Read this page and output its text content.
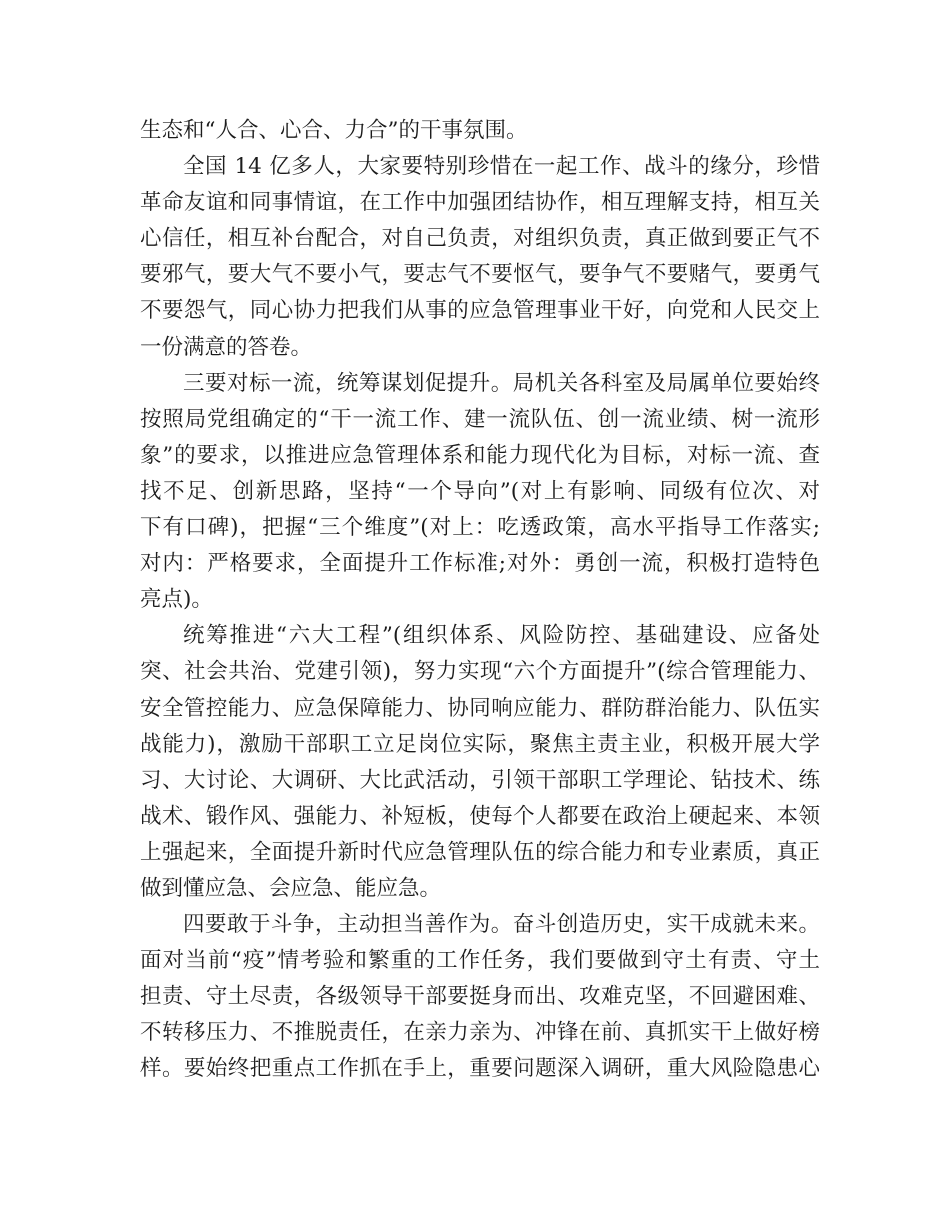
生态和“人合、心合、力合”的干事氛围。
全国 14 亿多人，大家要特别珍惜在一起工作、战斗的缘分，珍惜
革命友谊和同事情谊，在工作中加强团结协作，相互理解支持，相互关
心信任，相互补台配合，对自己负责，对组织负责，真正做到要正气不
要邪气，要大气不要小气，要志气不要怄气，要争气不要赌气，要勇气
不要怨气，同心协力把我们从事的应急管理事业干好，向党和人民交上
一份满意的答卷。
三要对标一流，统筹谋划促提升。局机关各科室及局属单位要始终
按照局党组确定的“干一流工作、建一流队伍、创一流业绩、树一流形
象”的要求，以推进应急管理体系和能力现代化为目标，对标一流、查
找不足、创新思路，坚持“一个导向”(对上有影响、同级有位次、对
下有口碑)，把握“三个维度”(对上：吃透政策，高水平指导工作落实;
对内：严格要求，全面提升工作标准;对外：勇创一流，积极打造特色
亮点)。
统筹推进“六大工程”(组织体系、风险防控、基础建设、应备处
突、社会共治、党建引领)，努力实现“六个方面提升”(综合管理能力、
安全管控能力、应急保障能力、协同响应能力、群防群治能力、队伍实
战能力)，激励干部职工立足岗位实际，聚焦主责主业，积极开展大学
习、大讨论、大调研、大比武活动，引领干部职工学理论、钻技术、练
战术、锻作风、强能力、补短板，使每个人都要在政治上硬起来、本领
上强起来，全面提升新时代应急管理队伍的综合能力和专业素质，真正
做到懂应急、会应急、能应急。
四要敢于斗争，主动担当善作为。奋斗创造历史，实干成就未来。
面对当前“疫”情考验和繁重的工作任务，我们要做到守土有责、守土
担责、守土尽责，各级领导干部要挺身而出、攻难克坚，不回避困难、
不转移压力、不推脱责任，在亲力亲为、冲锋在前、真抓实干上做好榜
样。要始终把重点工作抓在手上，重要问题深入调研，重大风险隐患心
